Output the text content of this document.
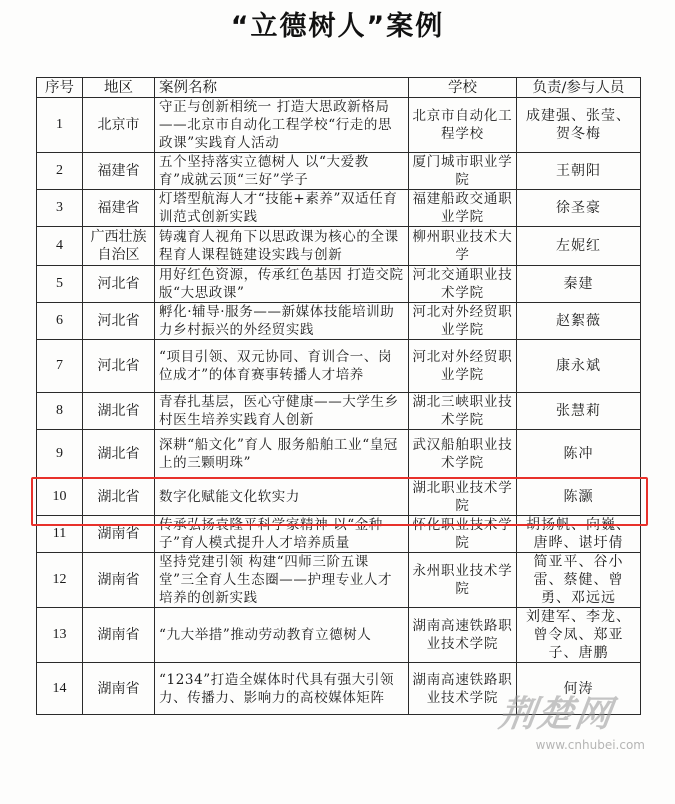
“立德树人”案例
序号	地区	案例名称	学校	负责/参与人员
1	北京市	守正与创新相统一 打造大思政新格局——北京市自动化工程学校“行走的思政课”实践育人活动	北京市自动化工程学校	成建强、张莹、贺冬梅
2	福建省	五个坚持落实立德树人 以“大爱教育”成就云顶“三好”学子	厦门城市职业学院	王朝阳
3	福建省	灯塔型航海人才“技能+素养”双适任育训范式创新实践	福建船政交通职业学院	徐圣豪
4	广西壮族自治区	铸魂育人视角下以思政课为核心的全课程育人课程链建设实践与创新	柳州职业技术大学	左妮红
5	河北省	用好红色资源，传承红色基因 打造交院版“大思政课”	河北交通职业技术学院	秦建
6	河北省	孵化·辅导·服务——新媒体技能培训助力乡村振兴的外经贸实践	河北对外经贸职业学院	赵絮薇
7	河北省	“项目引领、双元协同、育训合一、岗位成才”的体育赛事转播人才培养	河北对外经贸职业学院	康永斌
8	湖北省	青春扎基层，医心守健康——大学生乡村医生培养实践育人创新	湖北三峡职业技术学院	张慧莉
9	湖北省	深耕“船文化”育人 服务船舶工业“皇冠上的三颗明珠”	武汉船舶职业技术学院	陈冲
10	湖北省	数字化赋能文化软实力	湖北职业技术学院	陈灏
11	湖南省	传承弘扬袁隆平科学家精神 以“金种子”育人模式提升人才培养质量	怀化职业技术学院	胡扬帆、向巍、唐晔、谌圩倩
12	湖南省	坚持党建引领 构建“四师三阶五课堂”三全育人生态圈——护理专业人才培养的创新实践	永州职业技术学院	简亚平、谷小雷、蔡健、曾勇、邓远远
13	湖南省	“九大举措”推动劳动教育立德树人	湖南高速铁路职业技术学院	刘建军、李龙、曾令凤、郑亚子、唐鹏
14	湖南省	“1234”打造全媒体时代具有强大引领力、传播力、影响力的高校媒体矩阵	湖南高速铁路职业技术学院	何涛
荆楚网
www.cnhubei.com
